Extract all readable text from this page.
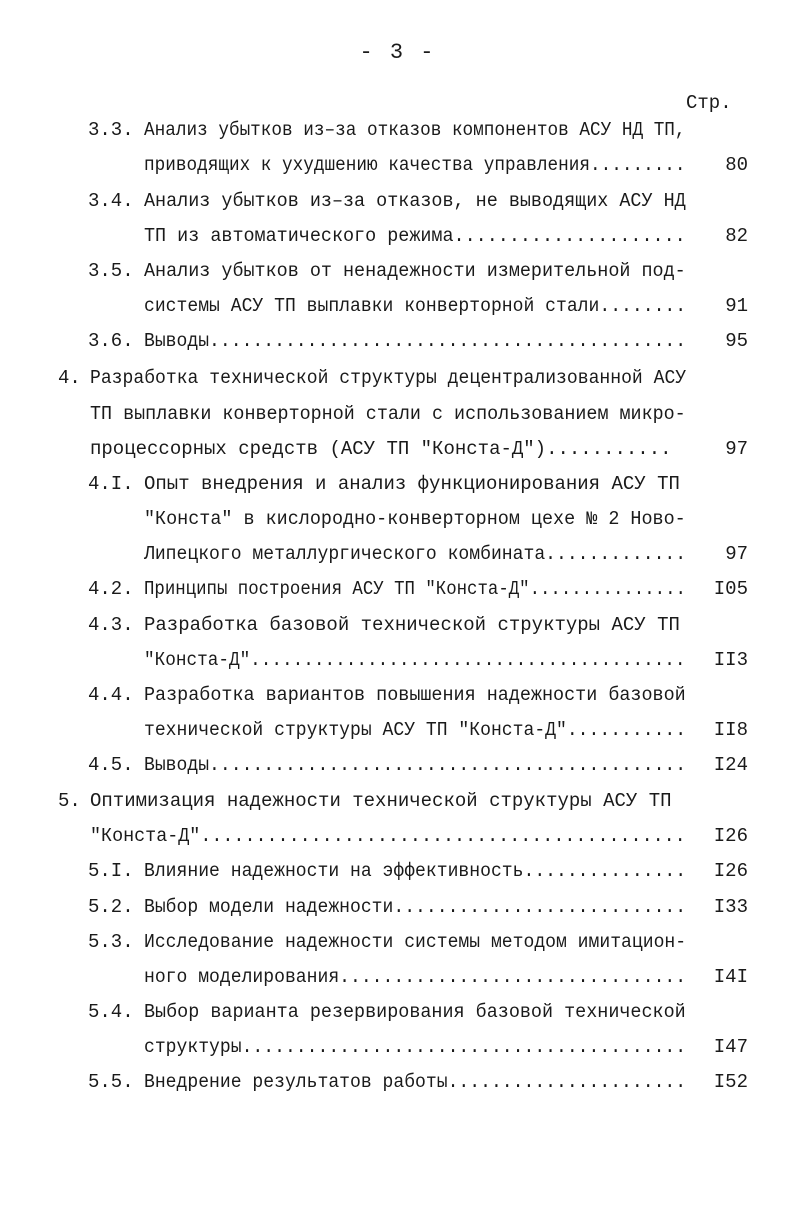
- 3 -
Стр.
3.3. Анализ убытков из–за отказов компонентов АСУ НД ТП,
приводящих к ухудшению качества управления.........	80
3.4. Анализ убытков из–за отказов, не выводящих АСУ НД
ТП из автоматического режима.....................	82
3.5. Анализ убытков от ненадежности измерительной под-
системы АСУ ТП выплавки конверторной стали........	91
3.6. Выводы............................................	95
4. Разработка технической структуры децентрализованной АСУ
ТП выплавки конверторной стали с использованием микро-
процессорных средств (АСУ ТП "Конста-Д")...........	97
4.I. Опыт внедрения и анализ функционирования АСУ ТП
"Конста" в кислородно-конверторном цехе № 2 Ново-
Липецкого металлургического комбината.............	97
4.2. Принципы построения АСУ ТП "Конста-Д"...............	I05
4.3. Разработка базовой технической структуры АСУ ТП
"Конста-Д".........................................	II3
4.4. Разработка вариантов повышения надежности базовой
технической структуры АСУ ТП "Конста-Д"...........	II8
4.5. Выводы............................................	I24
5. Оптимизация надежности технической структуры АСУ ТП
"Конста-Д"............................................	I26
5.I. Влияние надежности на эффективность...............	I26
5.2. Выбор модели надежности...........................	I33
5.3. Исследование надежности системы методом имитацион-
ного моделирования................................	I4I
5.4. Выбор варианта резервирования базовой технической
структуры.........................................	I47
5.5. Внедрение результатов работы......................	I52
